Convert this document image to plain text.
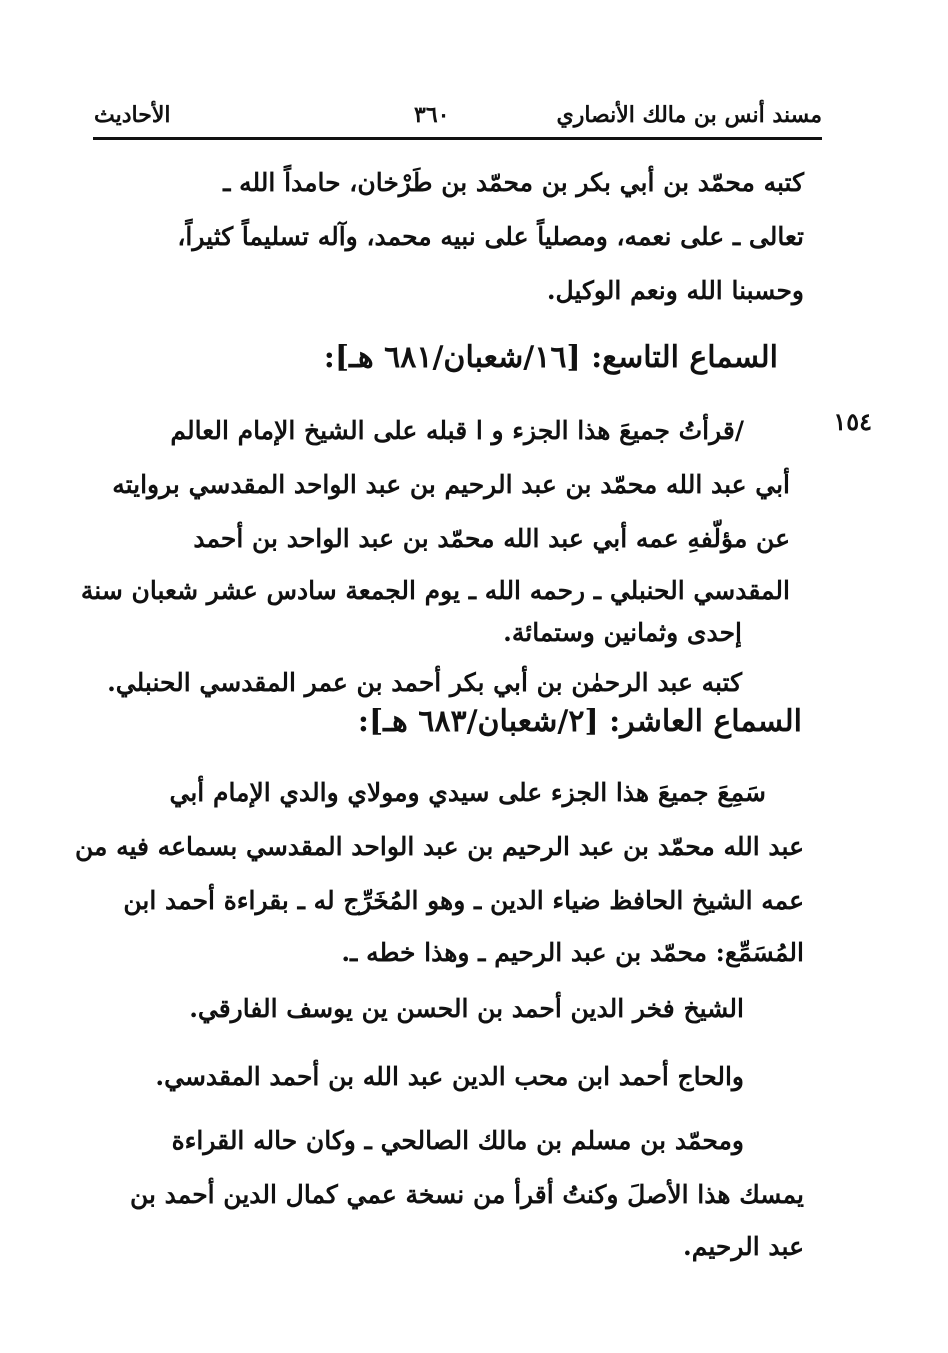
مسند أنس بن مالك الأنصاري
٣٦٠
الأحاديث
١٥٤

كتبه محمّد بن أبي بكر بن محمّد بن طَرْخان، حامداً الله ـ

تعالى ـ على نعمه، ومصلياً على نبيه محمد، وآله تسليماً كثيراً،

وحسبنا الله ونعم الوكيل.

السماع التاسع: [١٦/شعبان/٦٨١ هـ]:

/قرأتُ جميعَ هذا الجزء و ا قبله على الشيخ الإمام العالم

أبي عبد الله محمّد بن عبد الرحيم بن عبد الواحد المقدسي بروايته

عن مؤلّفهِ عمه أبي عبد الله محمّد بن عبد الواحد بن أحمد

المقدسي الحنبلي ـ رحمه الله ـ يوم الجمعة سادس عشر شعبان سنة

إحدى وثمانين وستمائة.

كتبه عبد الرحمٰن بن أبي بكر أحمد بن عمر المقدسي الحنبلي.

السماع العاشر: [٢/شعبان/٦٨٣ هـ]:

سَمِعَ جميعَ هذا الجزء على سيدي ومولاي والدي الإمام أبي

عبد الله محمّد بن عبد الرحيم بن عبد الواحد المقدسي بسماعه فيه من

عمه الشيخ الحافظ ضياء الدين ـ وهو المُخَرِّج له ـ بقراءة أحمد ابن

المُسَمِّع: محمّد بن عبد الرحيم ـ وهذا خطه ـ.

الشيخ فخر الدين أحمد بن الحسن ين يوسف الفارقي.

والحاج أحمد ابن محب الدين عبد الله بن أحمد المقدسي.

ومحمّد بن مسلم بن مالك الصالحي ـ وكان حاله القراءة

يمسك هذا الأصلَ وكنتُ أقرأ من نسخة عمي كمال الدين أحمد بن

عبد الرحيم.
